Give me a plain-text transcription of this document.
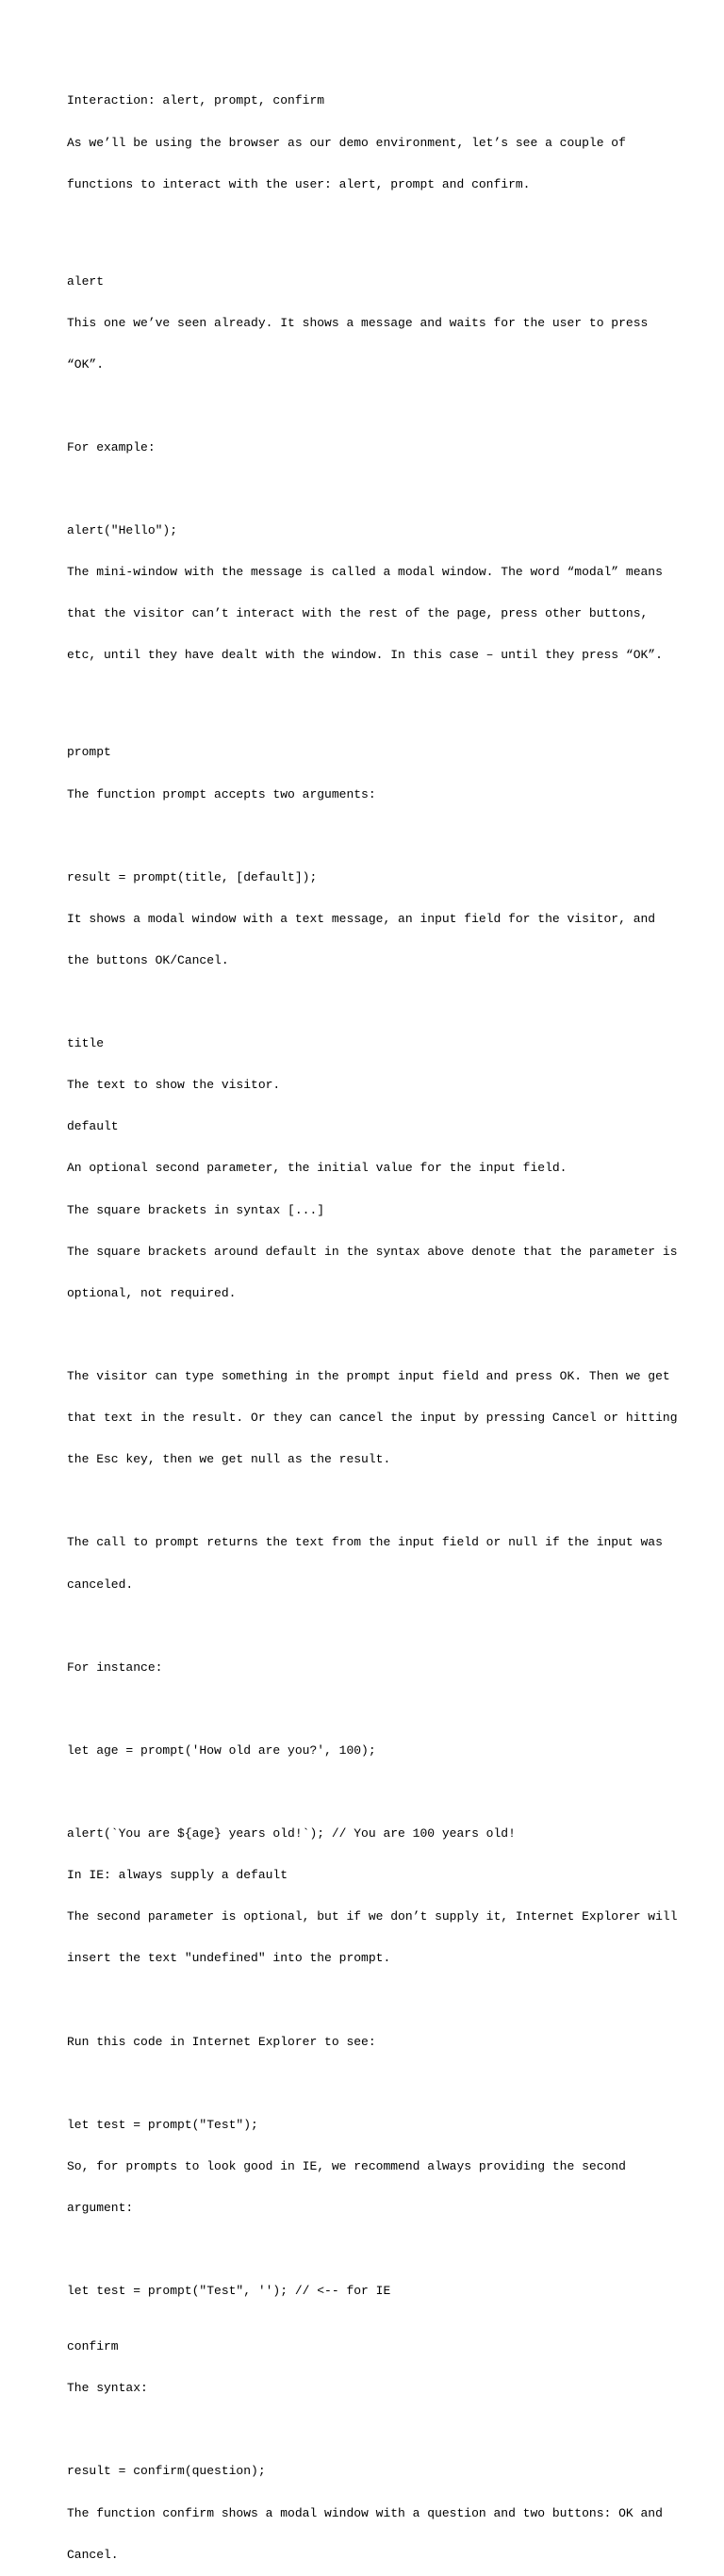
Interaction: alert, prompt, confirm

As we’ll be using the browser as our demo environment, let’s see a couple of

functions to interact with the user: alert, prompt and confirm.

alert

This one we’ve seen already. It shows a message and waits for the user to press

“OK”.

For example:

alert("Hello");

The mini-window with the message is called a modal window. The word “modal” means

that the visitor can’t interact with the rest of the page, press other buttons,

etc, until they have dealt with the window. In this case – until they press “OK”.

prompt

The function prompt accepts two arguments:

result = prompt(title, [default]);

It shows a modal window with a text message, an input field for the visitor, and

the buttons OK/Cancel.

title

The text to show the visitor.

default

An optional second parameter, the initial value for the input field.

The square brackets in syntax [...]

The square brackets around default in the syntax above denote that the parameter is

optional, not required.

The visitor can type something in the prompt input field and press OK. Then we get

that text in the result. Or they can cancel the input by pressing Cancel or hitting

the Esc key, then we get null as the result.

The call to prompt returns the text from the input field or null if the input was

canceled.

For instance:

let age = prompt('How old are you?', 100);

alert(`You are ${age} years old!`); // You are 100 years old!

In IE: always supply a default

The second parameter is optional, but if we don’t supply it, Internet Explorer will

insert the text "undefined" into the prompt.

Run this code in Internet Explorer to see:

let test = prompt("Test");

So, for prompts to look good in IE, we recommend always providing the second

argument:

let test = prompt("Test", ''); // <-- for IE

confirm

The syntax:

result = confirm(question);

The function confirm shows a modal window with a question and two buttons: OK and

Cancel.
